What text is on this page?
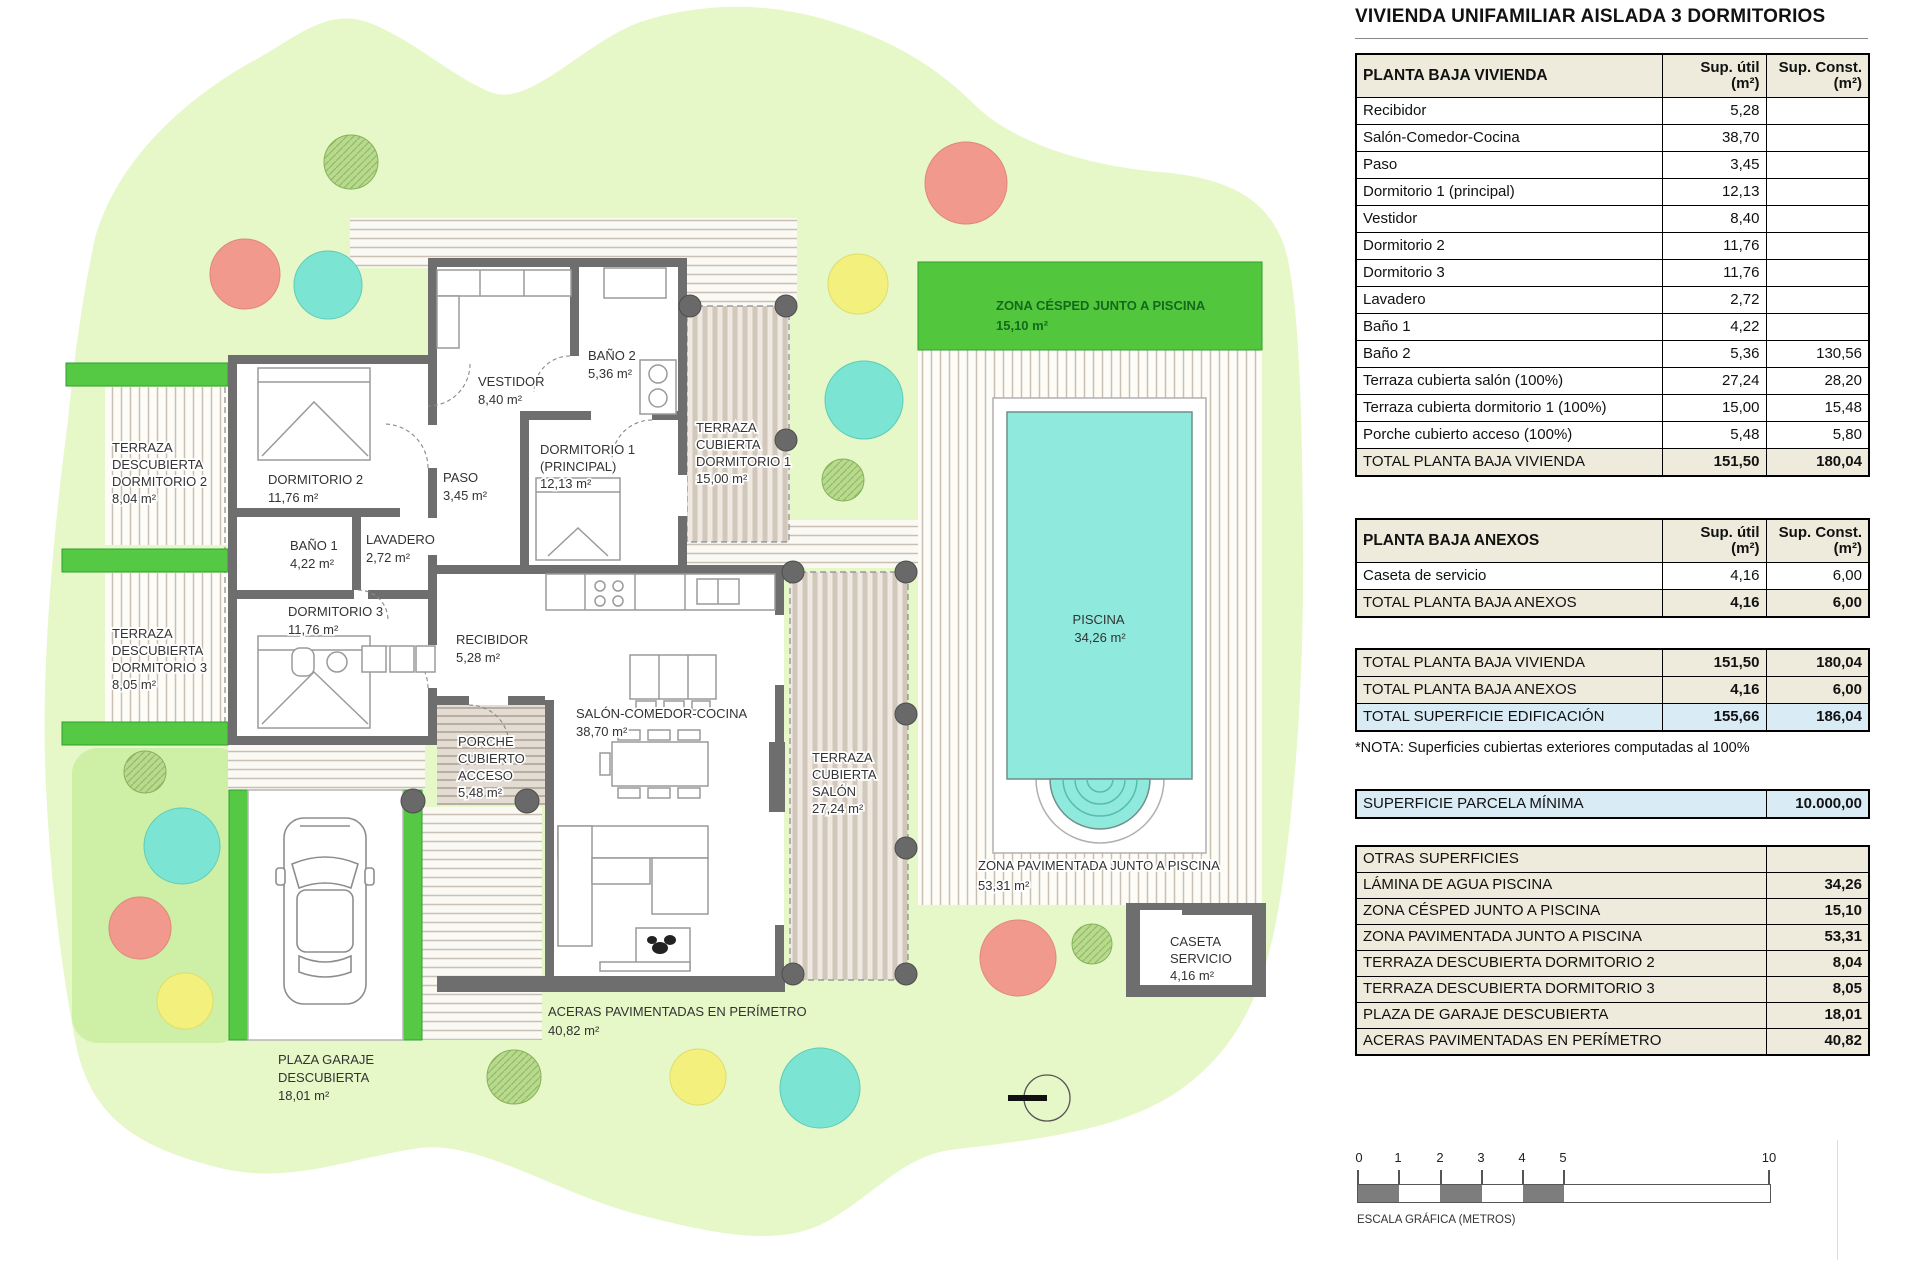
TERRAZA DESCUBIERTA DORMITORIO 2 8,04 m²
TERRAZA DESCUBIERTA DORMITORIO 3 8,05 m²
DORMITORIO 2 11,76 m²
BAÑO 1 4,22 m²
LAVADERO 2,72 m²
DORMITORIO 3 11,76 m²
PASO 3,45 m²
VESTIDOR 8,40 m²
BAÑO 2 5,36 m²
DORMITORIO 1 (PRINCIPAL) 12,13 m²
TERRAZA CUBIERTA DORMITORIO 1 15,00 m²
RECIBIDOR 5,28 m²
SALÓN-COMEDOR-COCINA 38,70 m²
PORCHE CUBIERTO ACCESO 5,48 m²
TERRAZA CUBIERTA SALÓN 27,24 m²
ZONA CÉSPED JUNTO A PISCINA 15,10 m²
PISCINA 34,26 m²
ZONA PAVIMENTADA JUNTO A PISCINA 53,31 m²
CASETA SERVICIO 4,16 m²
ACERAS PAVIMENTADAS EN PERÍMETRO 40,82 m²
PLAZA GARAJE DESCUBIERTA 18,01 m²
VIVIENDA UNIFAMILIAR AISLADA 3 DORMITORIOS
PLANTA BAJA VIVIENDA	
Sup. útil
(m²)

Sup. Const.
(m²)

Recibidor	5,28	
Salón-Comedor-Cocina	38,70	
Paso	3,45	
Dormitorio 1 (principal)	12,13	
Vestidor	8,40	
Dormitorio 2	11,76	
Dormitorio 3	11,76	
Lavadero	2,72	
Baño 1	4,22	
Baño 2	5,36	130,56
Terraza cubierta salón (100%)	27,24	28,20
Terraza cubierta dormitorio 1 (100%)	15,00	15,48
Porche cubierto acceso (100%)	5,48	5,80
TOTAL PLANTA BAJA VIVIENDA	151,50	180,04
PLANTA BAJA ANEXOS	
Sup. útil
(m²)

Sup. Const.
(m²)

Caseta de servicio	4,16	6,00
TOTAL PLANTA BAJA ANEXOS	4,16	6,00
TOTAL PLANTA BAJA VIVIENDA	151,50	180,04
TOTAL PLANTA BAJA ANEXOS	4,16	6,00
TOTAL SUPERFICIE EDIFICACIÓN	155,66	186,04
*NOTA: Superficies cubiertas exteriores computadas al 100%
SUPERFICIE PARCELA MÍNIMA	10.000,00
OTRAS SUPERFICIES	
LÁMINA DE AGUA PISCINA	34,26
ZONA CÉSPED JUNTO A PISCINA	15,10
ZONA PAVIMENTADA JUNTO A PISCINA	53,31
TERRAZA DESCUBIERTA DORMITORIO 2	8,04
TERRAZA DESCUBIERTA DORMITORIO 3	8,05
PLAZA DE GARAJE DESCUBIERTA	18,01
ACERAS PAVIMENTADAS EN PERÍMETRO	40,82
0 1	2	3	4	5	10
ESCALA GRÁFICA (METROS)
